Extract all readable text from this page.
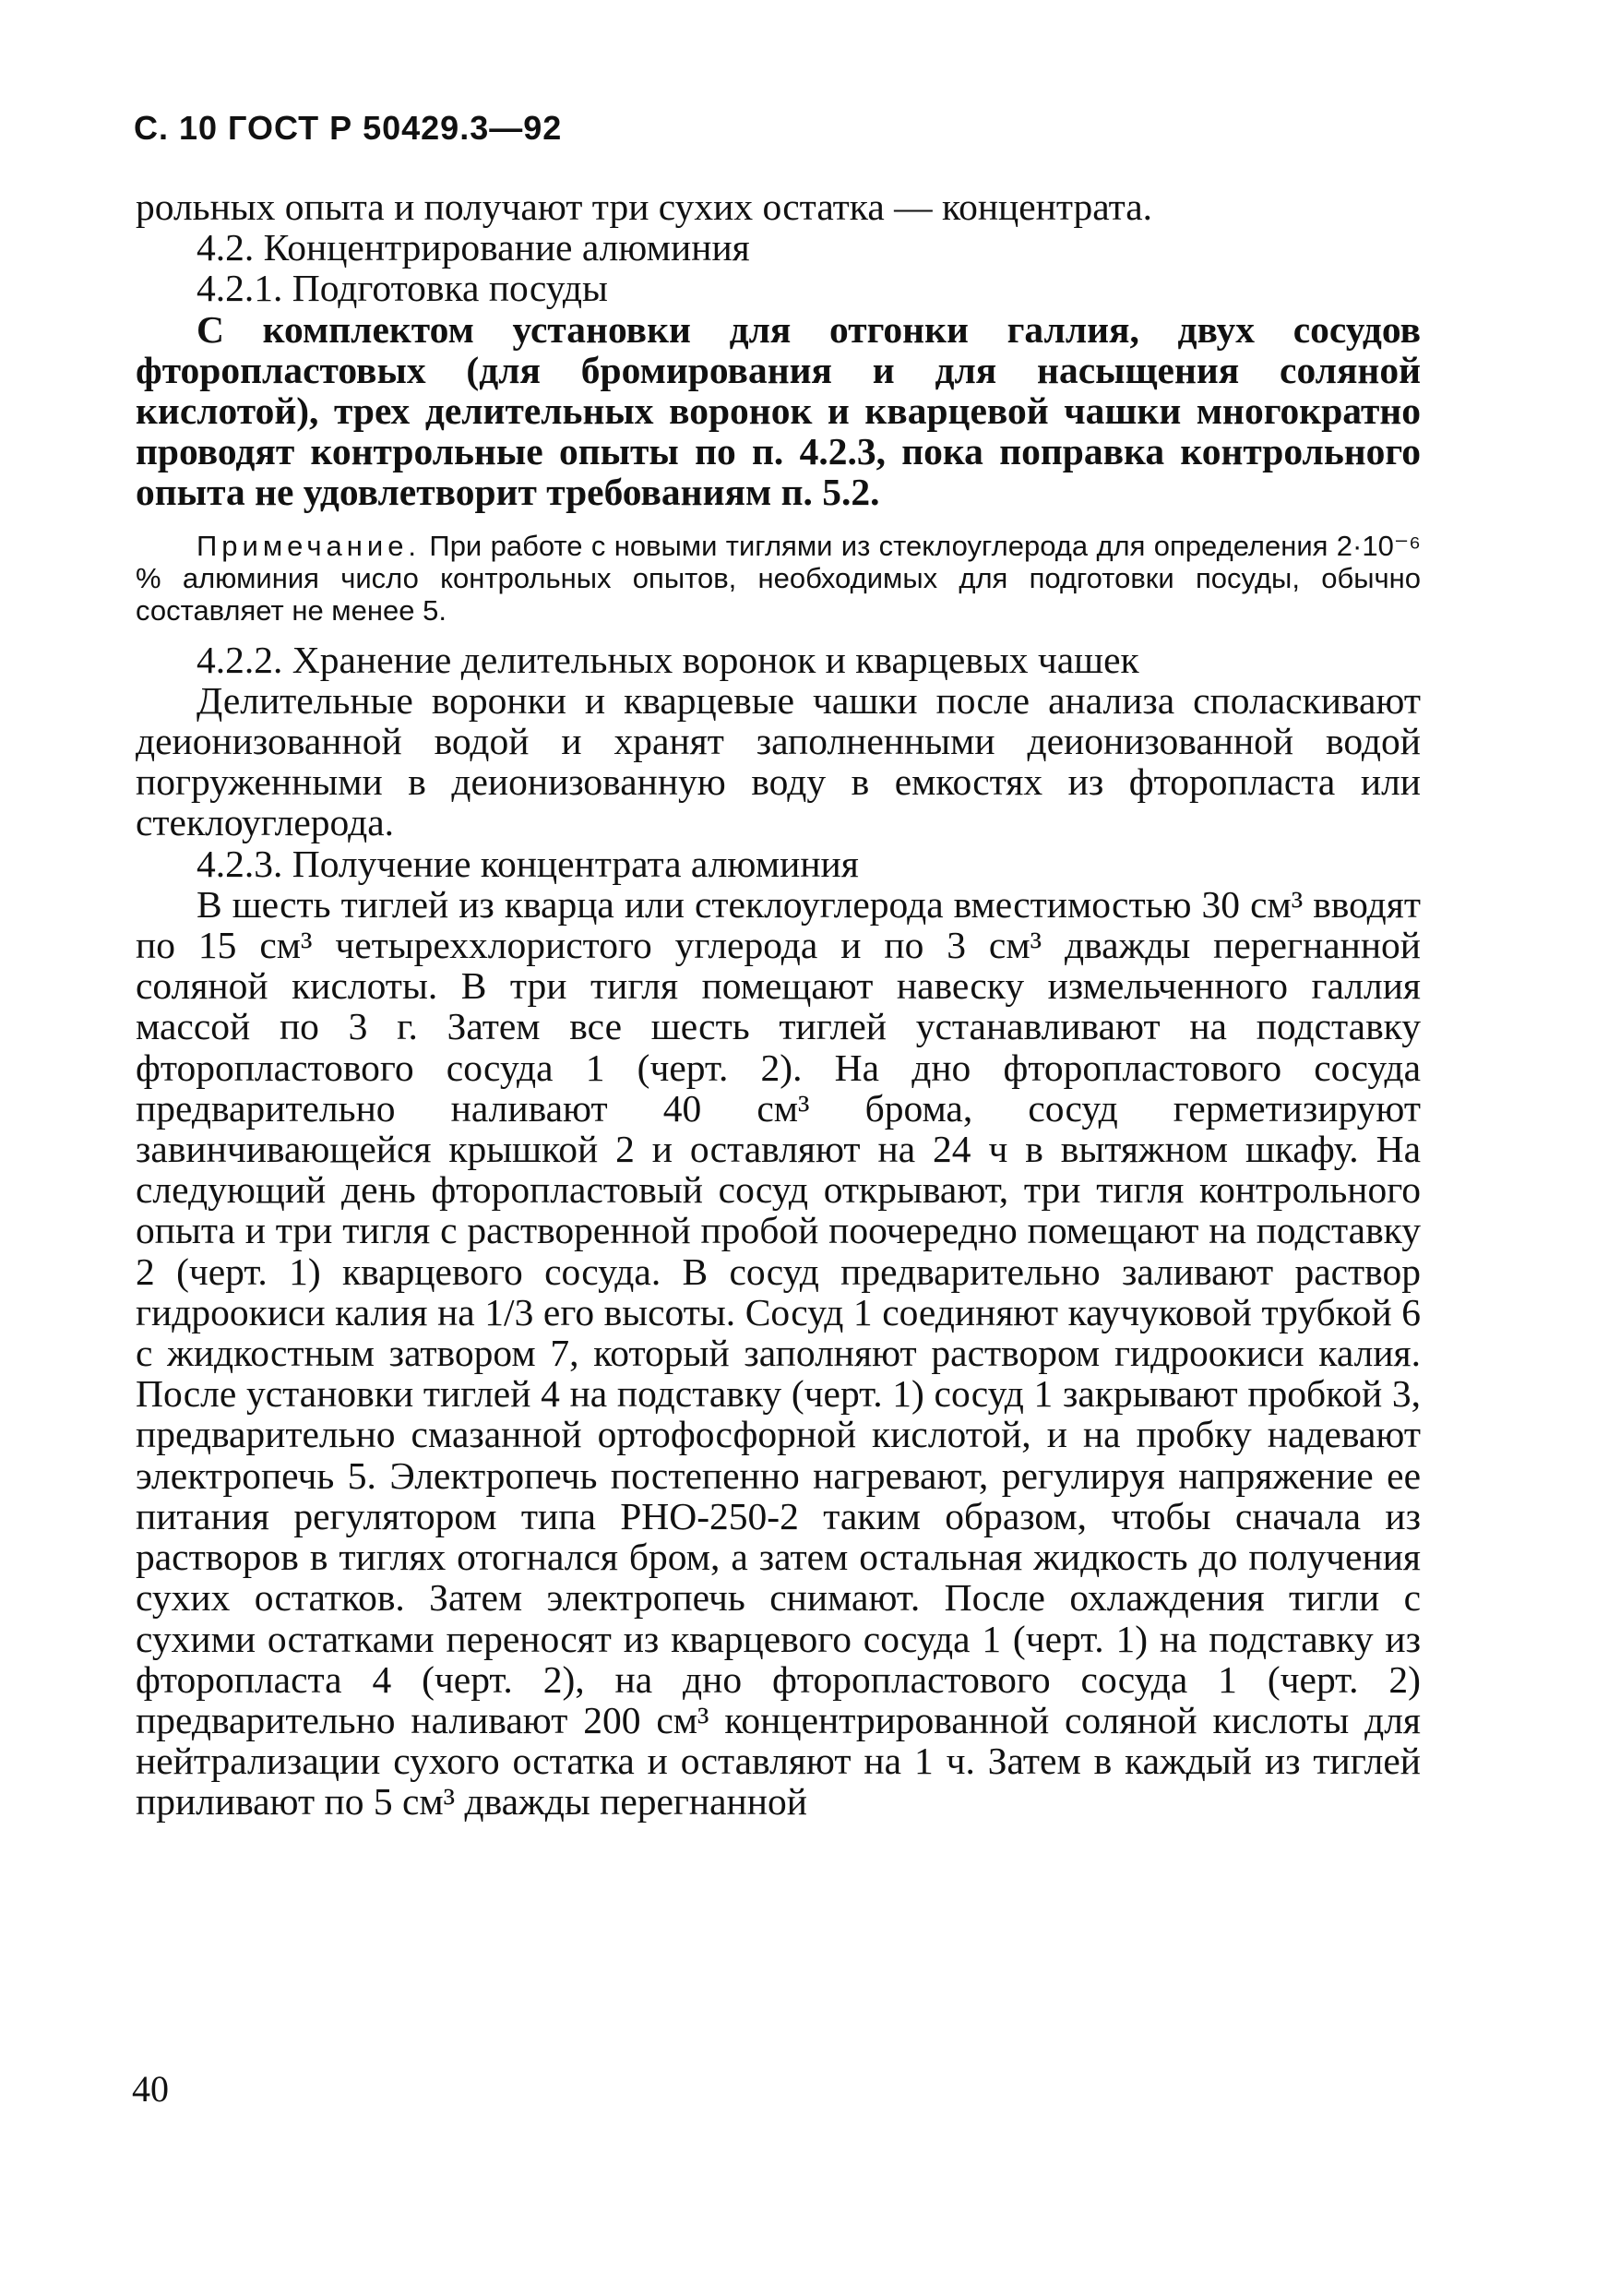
С. 10 ГОСТ Р 50429.3—92

рольных опыта и получают три сухих остатка — концентрата.

4.2. Концентрирование алюминия

4.2.1. Подготовка посуды

С комплектом установки для отгонки галлия, двух сосудов фторопластовых (для бромирования и для насыщения соляной кислотой), трех делительных воронок и кварцевой чашки многократно проводят контрольные опыты по п. 4.2.3, пока поправка контрольного опыта не удовлетворит требованиям п. 5.2.

Примечание. При работе с новыми тиглями из стеклоуглерода для определения 2·10⁻⁶ % алюминия число контрольных опытов, необходимых для подготовки посуды, обычно составляет не менее 5.

4.2.2. Хранение делительных воронок и кварцевых чашек

Делительные воронки и кварцевые чашки после анализа споласкивают деионизованной водой и хранят заполненными деионизованной водой погруженными в деионизованную воду в емкостях из фторопласта или стеклоуглерода.

4.2.3. Получение концентрата алюминия

В шесть тиглей из кварца или стеклоуглерода вместимостью 30 см³ вводят по 15 см³ четыреххлористого углерода и по 3 см³ дважды перегнанной соляной кислоты. В три тигля помещают навеску измельченного галлия массой по 3 г. Затем все шесть тиглей устанавливают на подставку фторопластового сосуда 1 (черт. 2). На дно фторопластового сосуда предварительно наливают 40 см³ брома, сосуд герметизируют завинчивающейся крышкой 2 и оставляют на 24 ч в вытяжном шкафу. На следующий день фторопластовый сосуд открывают, три тигля контрольного опыта и три тигля с растворенной пробой поочередно помещают на подставку 2 (черт. 1) кварцевого сосуда. В сосуд предварительно заливают раствор гидроокиси калия на 1/3 его высоты. Сосуд 1 соединяют каучуковой трубкой 6 с жидкостным затвором 7, который заполняют раствором гидроокиси калия. После установки тиглей 4 на подставку (черт. 1) сосуд 1 закрывают пробкой 3, предварительно смазанной ортофосфорной кислотой, и на пробку надевают электропечь 5. Электропечь постепенно нагревают, регулируя напряжение ее питания регулятором типа РНО-250-2 таким образом, чтобы сначала из растворов в тиглях отогнался бром, а затем остальная жидкость до получения сухих остатков. Затем электропечь снимают. После охлаждения тигли с сухими остатками переносят из кварцевого сосуда 1 (черт. 1) на подставку из фторопласта 4 (черт. 2), на дно фторопластового сосуда 1 (черт. 2) предварительно наливают 200 см³ концентрированной соляной кислоты для нейтрализации сухого остатка и оставляют на 1 ч. Затем в каждый из тиглей приливают по 5 см³ дважды перегнанной

40
